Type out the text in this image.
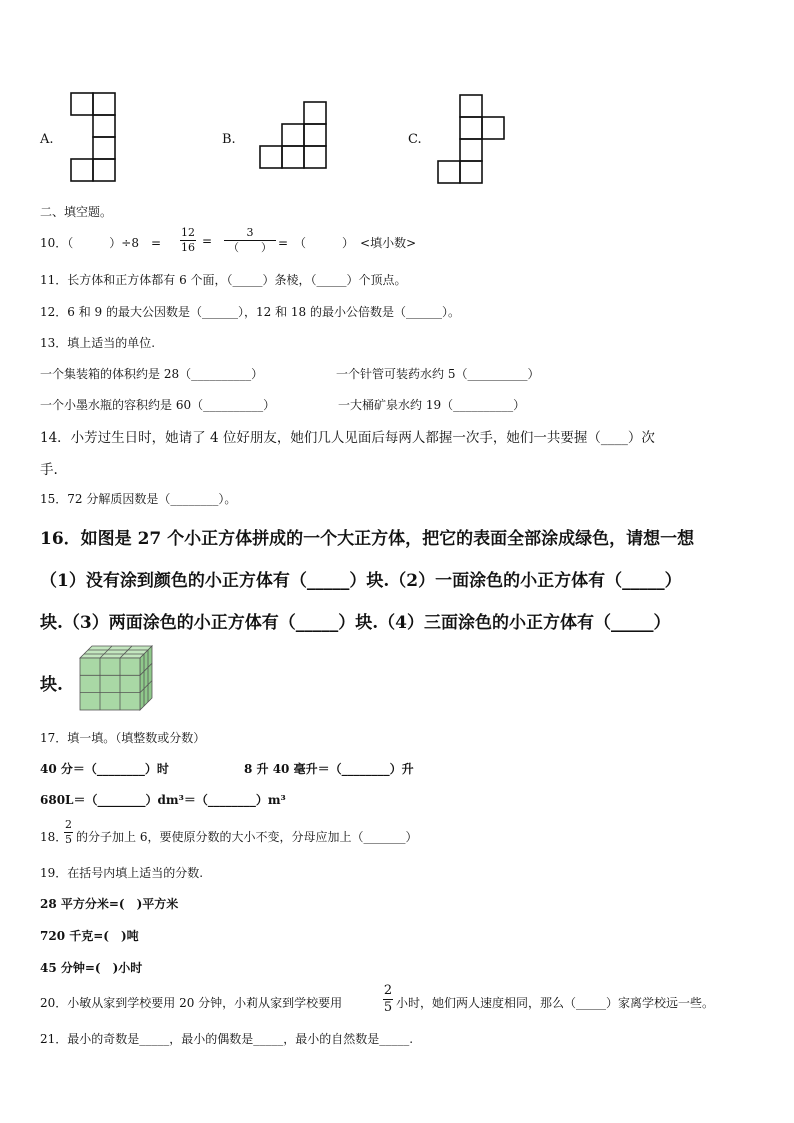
A.	B.	C.
二、填空题。
10．（　　　）÷8　=
12
16 =
3
（　　） =　（　　　）　<填小数>
11．长方体和正方体都有 6 个面，（_____）条棱，（_____）个顶点。
12．6 和 9 的最大公因数是（______），12 和 18 的最小公倍数是（______）。
13．填上适当的单位.
一个集装箱的体积约是 28（__________）	一个针管可装药水约 5（__________）
一个小墨水瓶的容积约是 60（__________）	一大桶矿泉水约 19（__________）
14．小芳过生日时，她请了 4 位好朋友，她们几人见面后每两人都握一次手，她们一共要握（____）次
手.
15．72 分解质因数是（________）。
16．如图是 27 个小正方体拼成的一个大正方体，把它的表面全部涂成绿色，请想一想
（1）没有涂到颜色的小正方体有（_____）块.（2）一面涂色的小正方体有（_____）
块.（3）两面涂色的小正方体有（_____）块.（4）三面涂色的小正方体有（_____）
块.
17．填一填。（填整数或分数）
40 分＝（________）时	8 升 40 毫升＝（________）升
680L＝（________）dm³＝（________）m³
18．
2
5 的分子加上 6，要使原分数的大小不变，分母应加上（_______）
19．在括号内填上适当的分数.
28 平方分米=(　)平方米
720 千克=(　)吨
45 分钟=(　)小时
20．小敏从家到学校要用 20 分钟，小莉从家到学校要用
2
5 小时，她们两人速度相同，那么（_____）家离学校远一些。
21．最小的奇数是_____，最小的偶数是_____，最小的自然数是_____.
